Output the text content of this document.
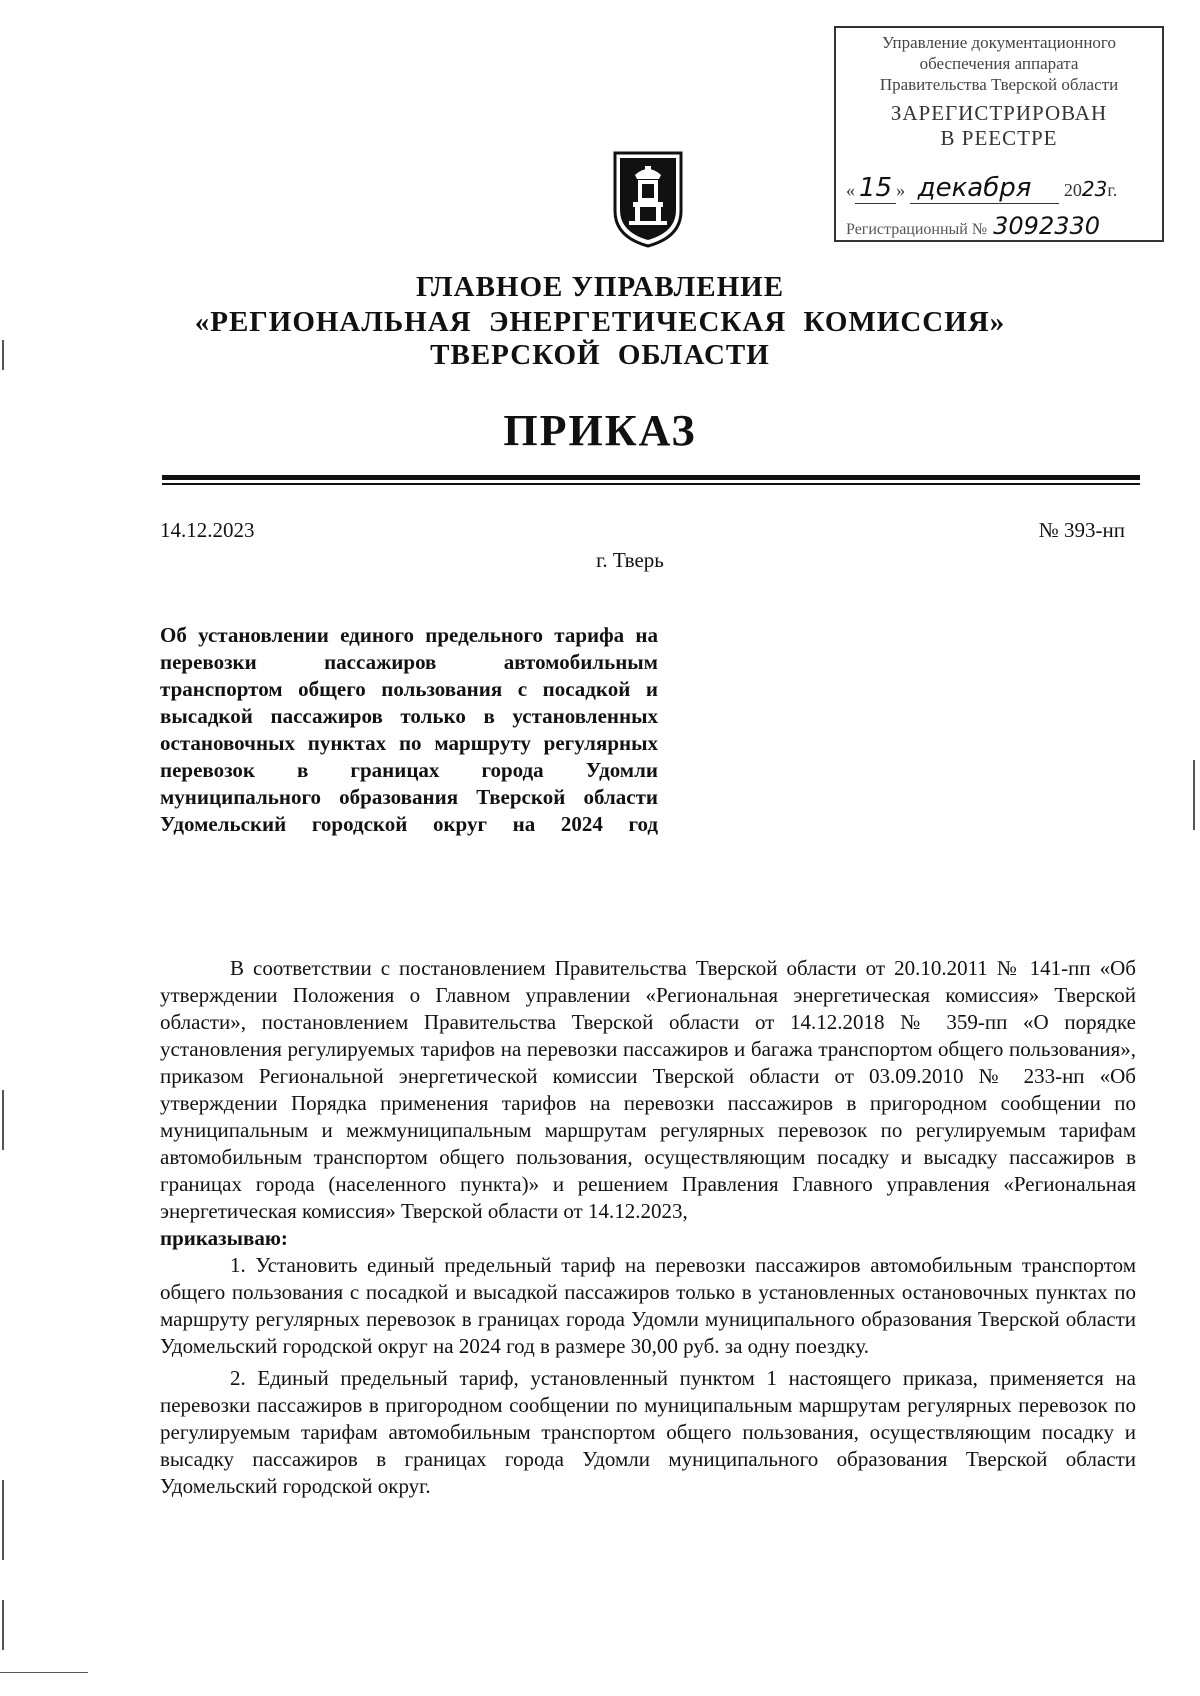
Управление документационного
обеспечения аппарата
Правительства Тверской области
ЗАРЕГИСТРИРОВАН
В РЕЕСТРЕ
« 15 » декабря 2023г.
Регистрационный № 3092330
ГЛАВНОЕ УПРАВЛЕНИЕ
«РЕГИОНАЛЬНАЯ ЭНЕРГЕТИЧЕСКАЯ КОМИССИЯ»
ТВЕРСКОЙ ОБЛАСТИ
ПРИКАЗ
14.12.2023	№ 393-нп
г. Тверь
Об установлении единого предельного тарифа на перевозки пассажиров автомобильным транспортом общего пользования с посадкой и высадкой пассажиров только в установленных остановочных пунктах по маршруту регулярных перевозок в границах города Удомли муниципального образования Тверской области Удомельский городской округ на 2024 год

В соответствии с постановлением Правительства Тверской области от 20.10.2011 № 141-пп «Об утверждении Положения о Главном управлении «Региональная энергетическая комиссия» Тверской области», постановлением Правительства Тверской области от 14.12.2018 № 359-пп «О порядке установления регулируемых тарифов на перевозки пассажиров и багажа транспортом общего пользования», приказом Региональной энергетической комиссии Тверской области от 03.09.2010 № 233-нп «Об утверждении Порядка применения тарифов на перевозки пассажиров в пригородном сообщении по муниципальным и межмуниципальным маршрутам регулярных перевозок по регулируемым тарифам автомобильным транспортом общего пользования, осуществляющим посадку и высадку пассажиров в границах города (населенного пункта)» и решением Правления Главного управления «Региональная энергетическая комиссия» Тверской области от 14.12.2023,

приказываю:

1. Установить единый предельный тариф на перевозки пассажиров автомобильным транспортом общего пользования с посадкой и высадкой пассажиров только в установленных остановочных пунктах по маршруту регулярных перевозок в границах города Удомли муниципального образования Тверской области Удомельский городской округ на 2024 год в размере 30,00 руб. за одну поездку.

2. Единый предельный тариф, установленный пунктом 1 настоящего приказа, применяется на перевозки пассажиров в пригородном сообщении по муниципальным маршрутам регулярных перевозок по регулируемым тарифам автомобильным транспортом общего пользования, осуществляющим посадку и высадку пассажиров в границах города Удомли муниципального образования Тверской области Удомельский городской округ.
